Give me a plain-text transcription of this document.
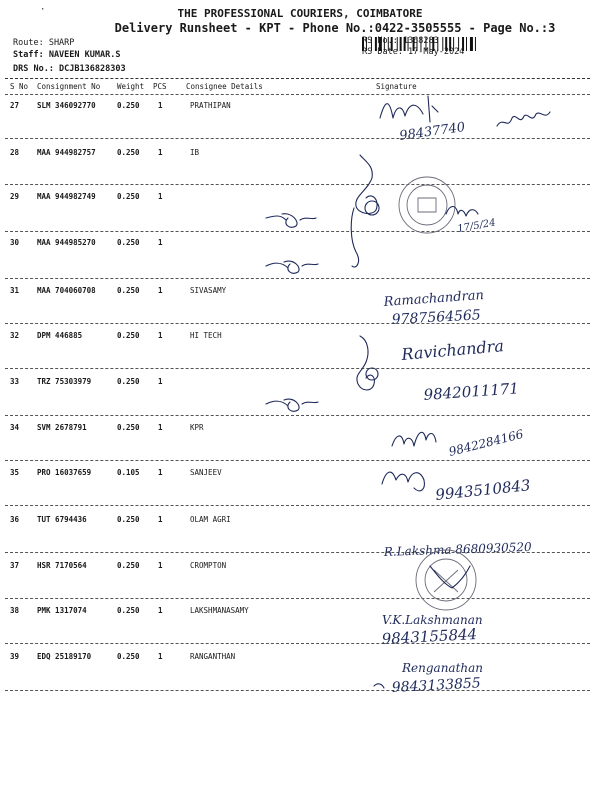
·	THE PROFESSIONAL COURIERS, COIMBATORE
Delivery Runsheet - KPT - Phone No.:0422-3505555 - Page No.:3
Route: SHARP
Staff: NAVEEN KUMAR.S
DRS No.: DCJB136828303
RS No.: 1368283
RS Date: 17-May-2024
S No Consignment No Weight PCS	Consignee Details	Signature
27 SLM 346092770	0.250 1	PRATHIPAN
28 MAA 944982757	0.250 1	IB
29 MAA 944982749	0.250 1
30 MAA 944985270	0.250 1
31 MAA 704060708	0.250 1	SIVASAMY
32 DPM 446885	0.250 1	HI TECH
33 TRZ 75303979	0.250 1
34 SVM 2678791	0.250 1	KPR
35 PRO 16037659	0.105 1	SANJEEV
36 TUT 6794436	0.250 1	OLAM AGRI
37 HSR 7170564	0.250 1	CROMPTON
38 PMK 1317074	0.250 1	LAKSHMANASAMY
39 EDQ 25189170	0.250 1	RANGANTHAN
98437740
17/5/24
Ramachandran
9787564565
Ravichandra
9842011171
9842284166
9943510843
R.Lakshma 8680930520
V.K.Lakshmanan
9843155844
Renganathan
9843133855
